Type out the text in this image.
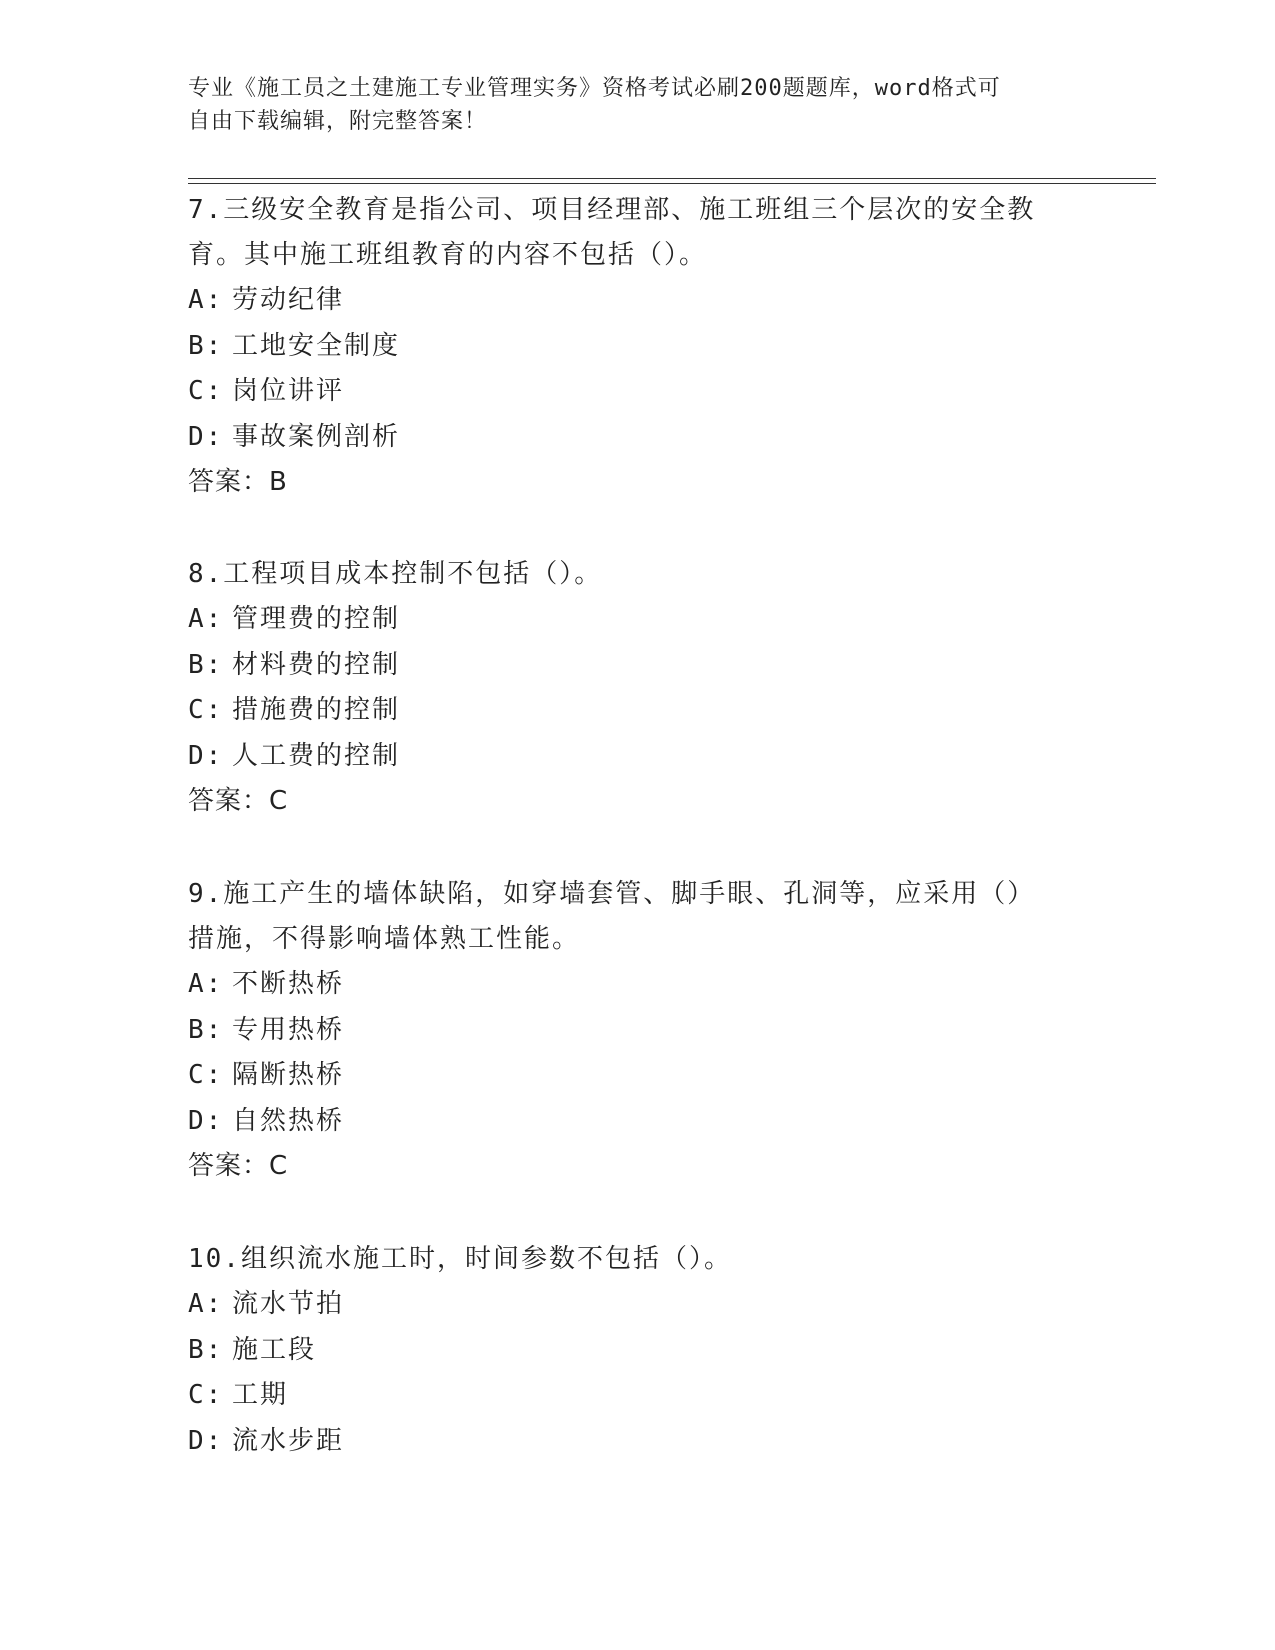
专业《施工员之土建施工专业管理实务》资格考试必刷200题题库，word格式可
自由下载编辑，附完整答案！

7.三级安全教育是指公司、项目经理部、施工班组三个层次的安全教

育。其中施工班组教育的内容不包括（）。

A: 劳动纪律

B: 工地安全制度

C: 岗位讲评

D: 事故案例剖析

答案：B

8.工程项目成本控制不包括（）。

A: 管理费的控制

B: 材料费的控制

C: 措施费的控制

D: 人工费的控制

答案：C

9.施工产生的墙体缺陷，如穿墙套管、脚手眼、孔洞等，应采用（）

措施，不得影响墙体熟工性能。

A: 不断热桥

B: 专用热桥

C: 隔断热桥

D: 自然热桥

答案：C

10.组织流水施工时，时间参数不包括（）。

A: 流水节拍

B: 施工段

C: 工期

D: 流水步距
